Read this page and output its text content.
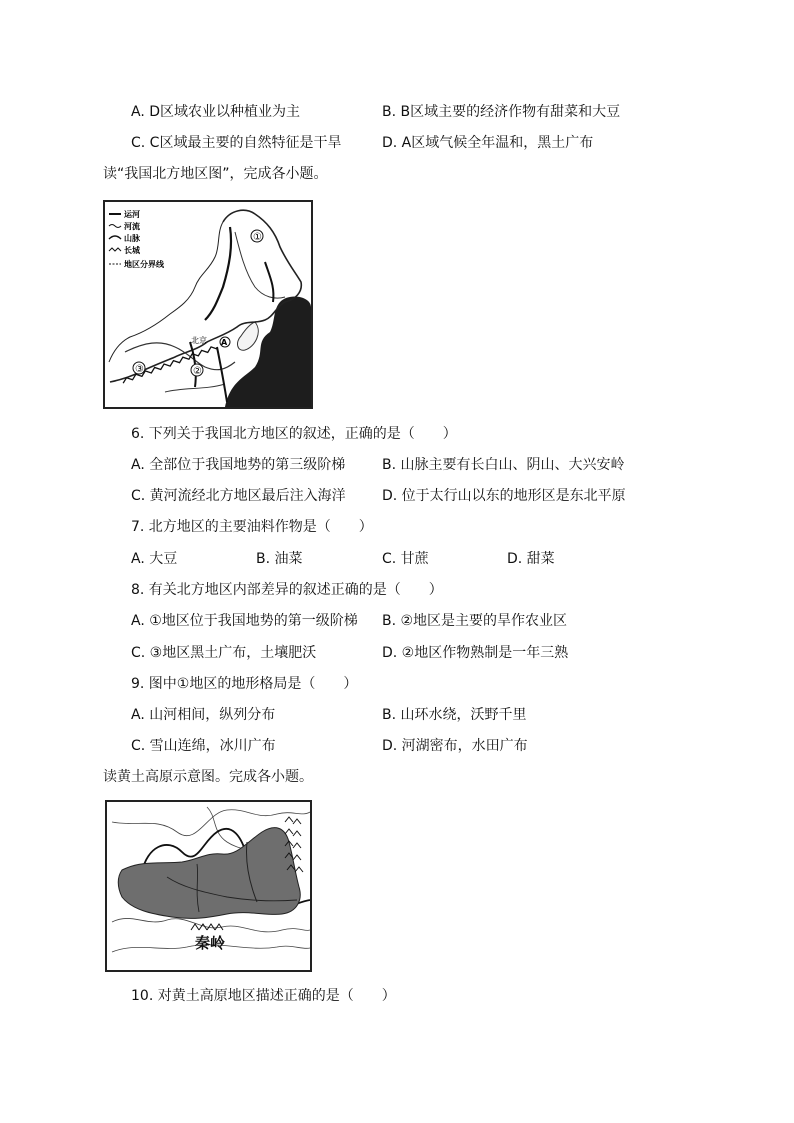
A. D区域农业以种植业为主	B. B区域主要的经济作物有甜菜和大豆
C. C区域最主要的自然特征是干旱	D. A区域气候全年温和，黑土广布
读“我国北方地区图”，完成各小题。
运河
河流
山脉
长城
地区分界线
①
北京 A
②
③
6. 下列关于我国北方地区的叙述，正确的是（　　）
A. 全部位于我国地势的第三级阶梯	B. 山脉主要有长白山、阴山、大兴安岭
C. 黄河流经北方地区最后注入海洋	D. 位于太行山以东的地形区是东北平原
7. 北方地区的主要油料作物是（　　）
A. 大豆	B. 油菜	C. 甘蔗	D. 甜菜
8. 有关北方地区内部差异的叙述正确的是（　　）
A. ①地区位于我国地势的第一级阶梯 B. ②地区是主要的旱作农业区
C. ③地区黑土广布，土壤肥沃	D. ②地区作物熟制是一年三熟
9. 图中①地区的地形格局是（　　）
A. 山河相间，纵列分布	B. 山环水绕，沃野千里
C. 雪山连绵，冰川广布	D. 河湖密布，水田广布
读黄土高原示意图。完成各小题。
秦岭
10. 对黄土高原地区描述正确的是（　　）
